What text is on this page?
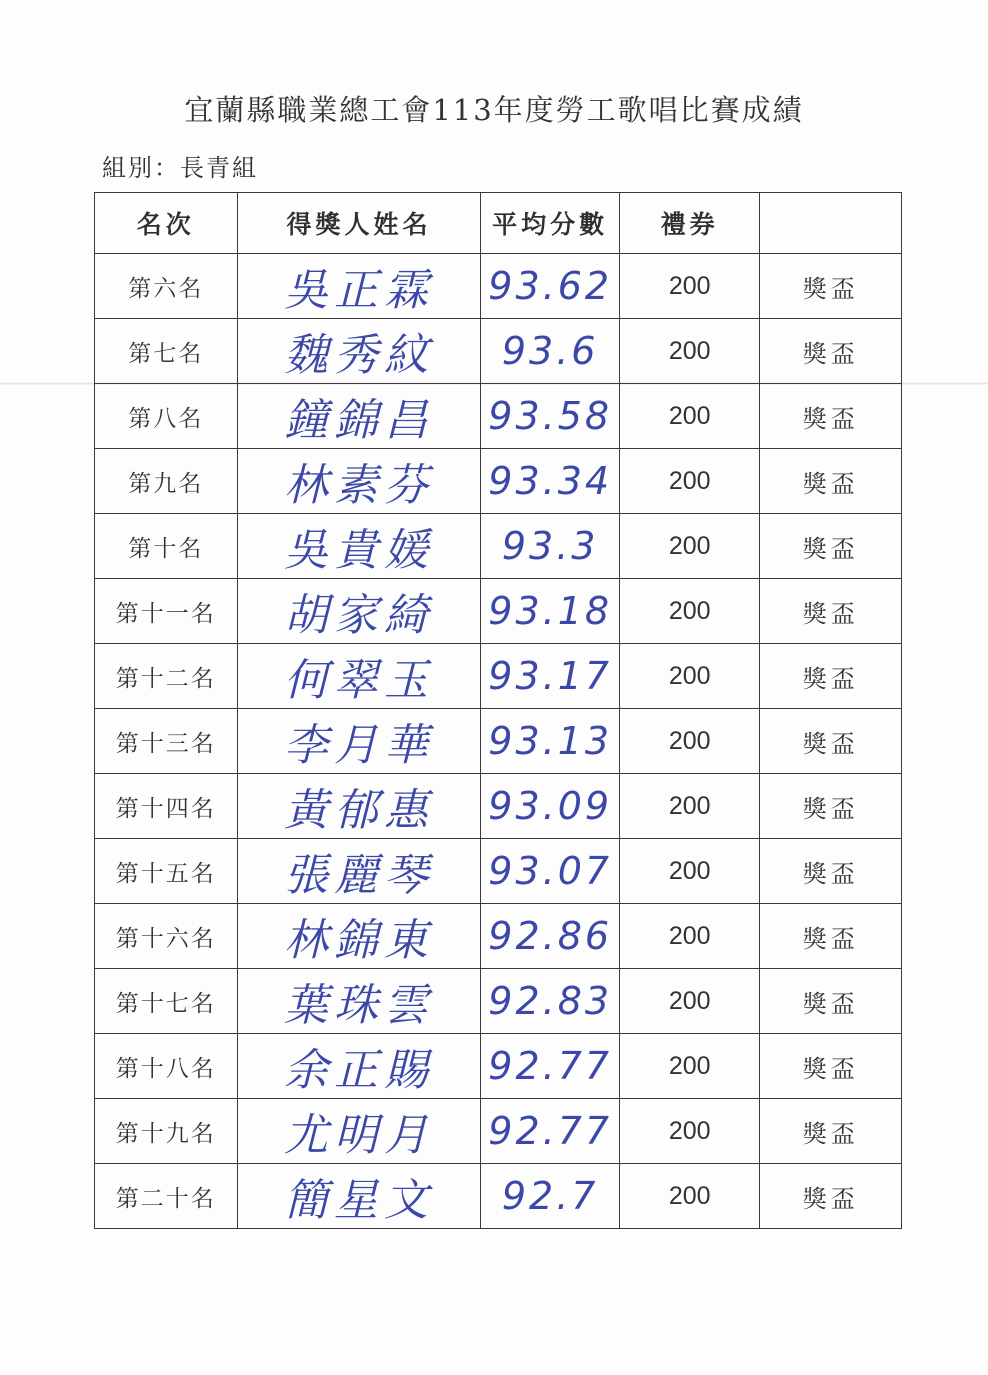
宜蘭縣職業總工會113年度勞工歌唱比賽成績
組別：長青組
名次	得獎人姓名	平均分數	禮券	
第六名	吳正霖	93.62	200	獎盃
第七名	魏秀紋	93.6	200	獎盃
第八名	鐘錦昌	93.58	200	獎盃
第九名	林素芬	93.34	200	獎盃
第十名	吳貴媛	93.3	200	獎盃
第十一名	胡家綺	93.18	200	獎盃
第十二名	何翠玉	93.17	200	獎盃
第十三名	李月華	93.13	200	獎盃
第十四名	黃郁惠	93.09	200	獎盃
第十五名	張麗琴	93.07	200	獎盃
第十六名	林錦東	92.86	200	獎盃
第十七名	葉珠雲	92.83	200	獎盃
第十八名	余正賜	92.77	200	獎盃
第十九名	尤明月	92.77	200	獎盃
第二十名	簡星文	92.7	200	獎盃
